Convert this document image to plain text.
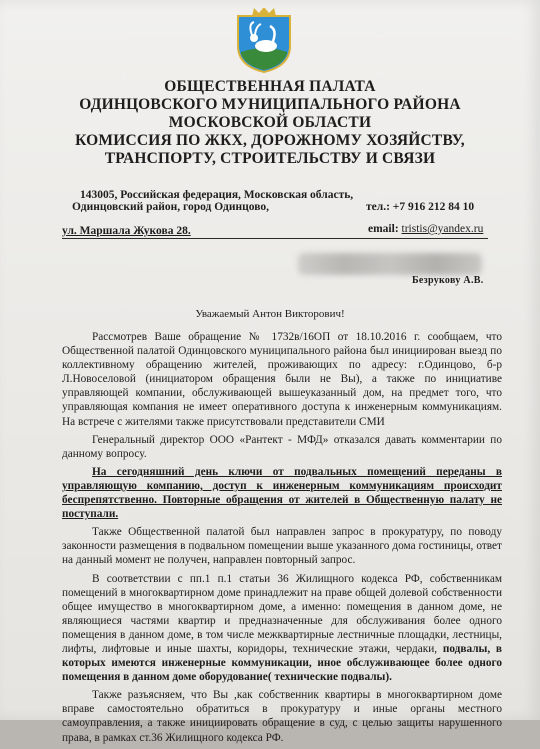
ОБЩЕСТВЕННАЯ ПАЛАТА
ОДИНЦОВСКОГО МУНИЦИПАЛЬНОГО РАЙОНА
МОСКОВСКОЙ ОБЛАСТИ
КОМИССИЯ ПО ЖКХ, ДОРОЖНОМУ ХОЗЯЙСТВУ,
ТРАНСПОРТУ, СТРОИТЕЛЬСТВУ И СВЯЗИ
143005, Российская федерация, Московская область,
Одинцовский район, город Одинцово,	тел.: +7 916 212 84 10
ул. Маршала Жукова 28.	email: tristis@yandex.ru
Безрукову А.В.
Уважаемый Антон Викторович!

Рассмотрев Ваше обращение № 1732в/16ОП от 18.10.2016 г. сообщаем, что Общественной палатой Одинцовского муниципального района был инициирован выезд по коллективному обращению жителей, проживающих по адресу: г.Одинцово, б-р Л.Новоселовой (инициатором обращения были не Вы), а также по инициативе управляющей компании, обслуживающей вышеуказанный дом, на предмет того, что управляющая компания не имеет оперативного доступа к инженерным коммуникациям. На встрече с жителями также присутствовали представители СМИ

Генеральный директор ООО «Рантект - МФД» отказался давать комментарии по данному вопросу.

На сегодняшний день ключи от подвальных помещений переданы в управляющую компанию, доступ к инженерным коммуникациям происходит беспрепятственно. Повторные обращения от жителей в Общественную палату не поступали.

Также Общественной палатой был направлен запрос в прокуратуру, по поводу законности размещения в подвальном помещении выше указанного дома гостиницы, ответ на данный момент не получен, направлен повторный запрос.

В соответствии с пп.1 п.1 статьи 36 Жилищного кодекса РФ, собственникам помещений в многоквартирном доме принадлежит на праве общей долевой собственности общее имущество в многоквартирном доме, а именно: помещения в данном доме, не являющиеся частями квартир и предназначенные для обслуживания более одного помещения в данном доме, в том числе межквартирные лестничные площадки, лестницы, лифты, лифтовые и иные шахты, коридоры, технические этажи, чердаки, подвалы, в которых имеются инженерные коммуникации, иное обслуживающее более одного помещения в данном доме оборудование( технические подвалы).

Также разъясняем, что Вы ,как собственник квартиры в многоквартирном доме вправе самостоятельно обратиться в прокуратуру и иные органы местного самоуправления, а также инициировать обращение в суд, с целью защиты нарушенного права, в рамках ст.36 Жилищного кодекса РФ.
